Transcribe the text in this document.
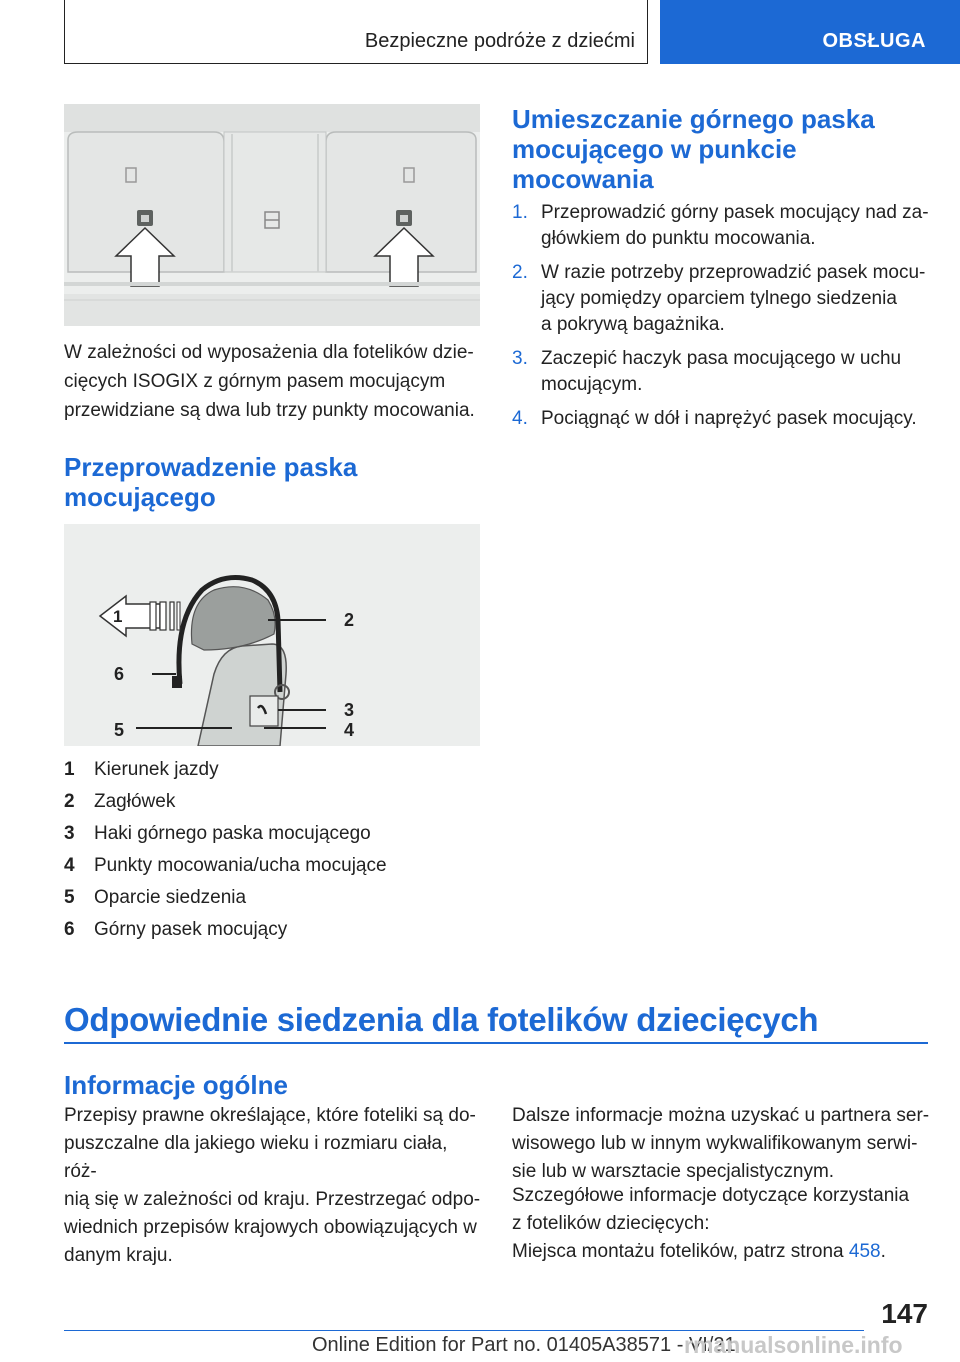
Bezpieczne podróże z dziećmi	OBSŁUGA
W zależności od wyposażenia dla fotelików dzie‐
cięcych ISOGIX z górnym pasem mocującym
przewidziane są dwa lub trzy punkty mocowania.
Przeprowadzenie paska
mocującego
1	2
3
4
5
6
1	Kierunek jazdy
2	Zagłówek
3	Haki górnego paska mocującego
4	Punkty mocowania/ucha mocujące
5	Oparcie siedzenia
6	Górny pasek mocujący
Umieszczanie górnego paska
mocującego w punkcie
mocowania
1. Przeprowadzić górny pasek mocujący nad za‐
główkiem do punktu mocowania.
2. W razie potrzeby przeprowadzić pasek mocu‐
jący pomiędzy oparciem tylnego siedzenia
a pokrywą bagażnika.
3. Zaczepić haczyk pasa mocującego w uchu
mocującym.
4. Pociągnąć w dół i naprężyć pasek mocujący.
Odpowiednie siedzenia dla fotelików dziecięcych
Informacje ogólne
Przepisy prawne określające, które foteliki są do‐
puszczalne dla jakiego wieku i rozmiaru ciała, róż‐
nią się w zależności od kraju. Przestrzegać odpo‐
wiednich przepisów krajowych obowiązujących w
danym kraju.
Dalsze informacje można uzyskać u partnera ser‐
wisowego lub w innym wykwalifikowanym serwi‐
sie lub w warsztacie specjalistycznym.
Szczegółowe informacje dotyczące korzystania
z fotelików dziecięcych:
Miejsca montażu fotelików, patrz strona 458.
147
Online Edition for Part no. 01405A38571 - VI/21
rmanualsonline.info
